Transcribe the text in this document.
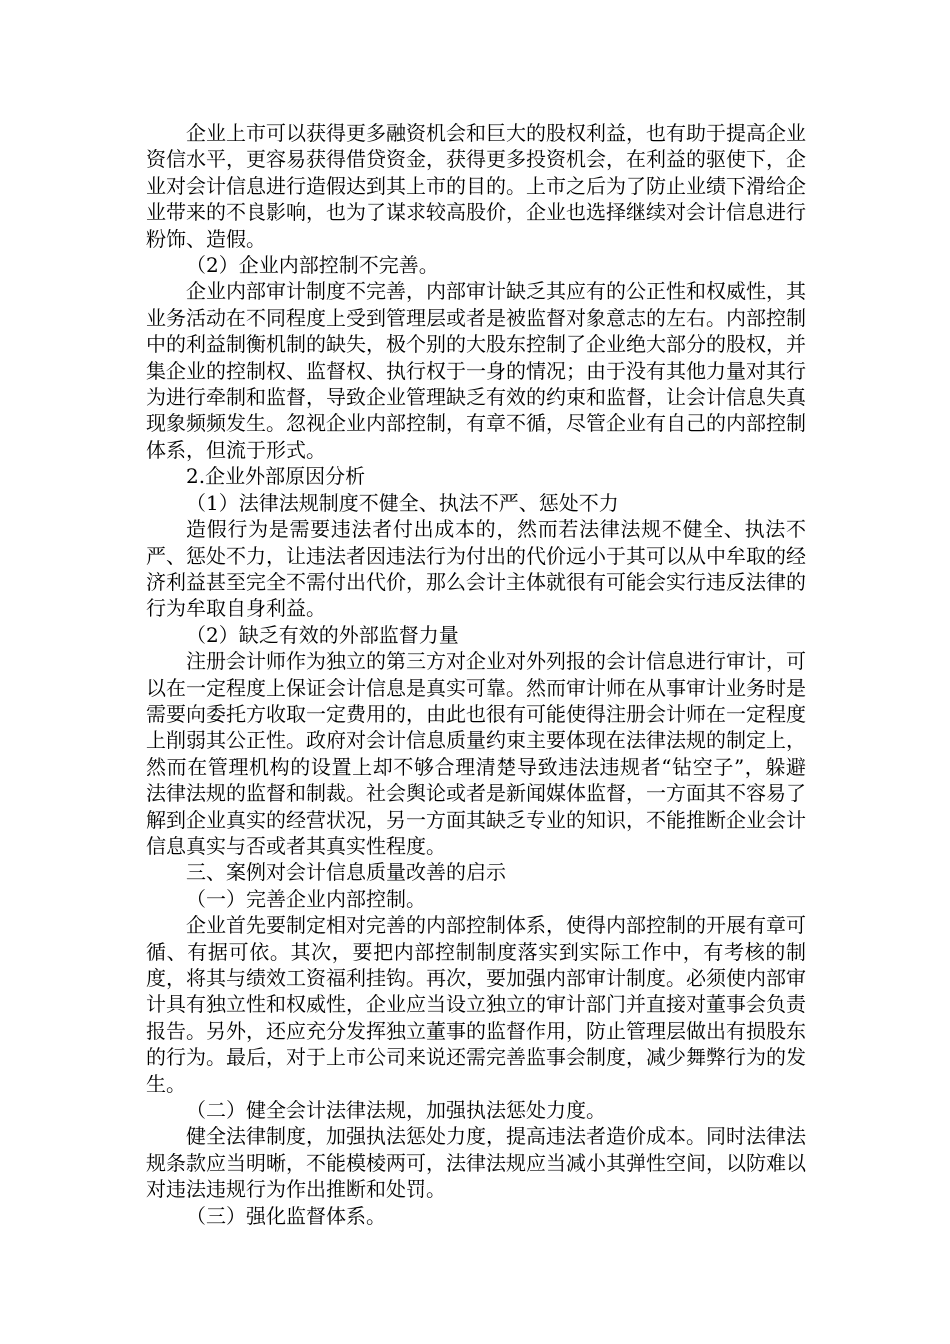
企业上市可以获得更多融资机会和巨大的股权利益，也有助于提高企业资信水平，更容易获得借贷资金，获得更多投资机会，在利益的驱使下，企业对会计信息进行造假达到其上市的目的。上市之后为了防止业绩下滑给企业带来的不良影响，也为了谋求较高股价，企业也选择继续对会计信息进行粉饰、造假。

（2）企业内部控制不完善。

企业内部审计制度不完善，内部审计缺乏其应有的公正性和权威性，其业务活动在不同程度上受到管理层或者是被监督对象意志的左右。内部控制中的利益制衡机制的缺失，极个别的大股东控制了企业绝大部分的股权，并集企业的控制权、监督权、执行权于一身的情况；由于没有其他力量对其行为进行牵制和监督，导致企业管理缺乏有效的约束和监督，让会计信息失真现象频频发生。忽视企业内部控制，有章不循，尽管企业有自己的内部控制体系，但流于形式。

2.企业外部原因分析

（1）法律法规制度不健全、执法不严、惩处不力

造假行为是需要违法者付出成本的，然而若法律法规不健全、执法不严、惩处不力，让违法者因违法行为付出的代价远小于其可以从中牟取的经济利益甚至完全不需付出代价，那么会计主体就很有可能会实行违反法律的行为牟取自身利益。

（2）缺乏有效的外部监督力量

注册会计师作为独立的第三方对企业对外列报的会计信息进行审计，可以在一定程度上保证会计信息是真实可靠。然而审计师在从事审计业务时是需要向委托方收取一定费用的，由此也很有可能使得注册会计师在一定程度上削弱其公正性。政府对会计信息质量约束主要体现在法律法规的制定上，然而在管理机构的设置上却不够合理清楚导致违法违规者“钻空子”，躲避法律法规的监督和制裁。社会舆论或者是新闻媒体监督，一方面其不容易了解到企业真实的经营状况，另一方面其缺乏专业的知识，不能推断企业会计信息真实与否或者其真实性程度。

三、案例对会计信息质量改善的启示

（一）完善企业内部控制。

企业首先要制定相对完善的内部控制体系，使得内部控制的开展有章可循、有据可依。其次，要把内部控制制度落实到实际工作中，有考核的制度，将其与绩效工资福利挂钩。再次，要加强内部审计制度。必须使内部审计具有独立性和权威性，企业应当设立独立的审计部门并直接对董事会负责报告。另外，还应充分发挥独立董事的监督作用，防止管理层做出有损股东的行为。最后，对于上市公司来说还需完善监事会制度，减少舞弊行为的发生。

（二）健全会计法律法规，加强执法惩处力度。

健全法律制度，加强执法惩处力度，提高违法者造价成本。同时法律法规条款应当明晰，不能模棱两可，法律法规应当减小其弹性空间，以防难以对违法违规行为作出推断和处罚。

（三）强化监督体系。
